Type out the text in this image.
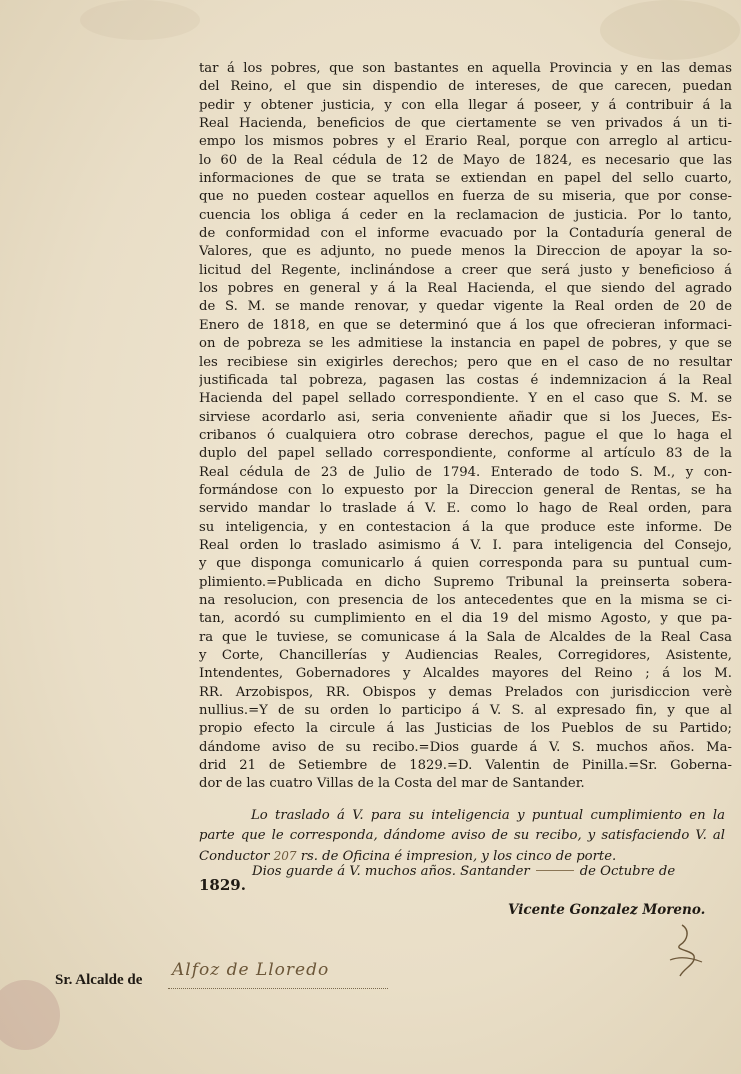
tar á los pobres, que son bastantes en aquella Provincia y en las demas
del Reino, el que sin dispendio de intereses, de que carecen, puedan
pedir y obtener justicia, y con ella llegar á poseer, y á contribuir á la
Real Hacienda, beneficios de que ciertamente se ven privados á un ti-
empo los mismos pobres y el Erario Real, porque con arreglo al articu-
lo 60 de la Real cédula de 12 de Mayo de 1824, es necesario que las
informaciones de que se trata se extiendan en papel del sello cuarto,
que no pueden costear aquellos en fuerza de su miseria, que por conse-
cuencia los obliga á ceder en la reclamacion de justicia. Por lo tanto,
de conformidad con el informe evacuado por la Contaduría general de
Valores, que es adjunto, no puede menos la Direccion de apoyar la so-
licitud del Regente, inclinándose a creer que será justo y beneficioso á
los pobres en general y á la Real Hacienda, el que siendo del agrado
de S. M. se mande renovar, y quedar vigente la Real orden de 20 de
Enero de 1818, en que se determinó que á los que ofrecieran informaci-
on de pobreza se les admitiese la instancia en papel de pobres, y que se
les recibiese sin exigirles derechos; pero que en el caso de no resultar
justificada tal pobreza, pagasen las costas é indemnizacion á la Real
Hacienda del papel sellado correspondiente. Y en el caso que S. M. se
sirviese acordarlo asi, seria conveniente añadir que si los Jueces, Es-
cribanos ó cualquiera otro cobrase derechos, pague el que lo haga el
duplo del papel sellado correspondiente, conforme al artículo 83 de la
Real cédula de 23 de Julio de 1794. Enterado de todo S. M., y con-
formándose con lo expuesto por la Direccion general de Rentas, se ha
servido mandar lo traslade á V. E. como lo hago de Real orden, para
su inteligencia, y en contestacion á la que produce este informe. De
Real orden lo traslado asimismo á V. I. para inteligencia del Consejo,
y que disponga comunicarlo á quien corresponda para su puntual cum-
plimiento.=Publicada en dicho Supremo Tribunal la preinserta sobera-
na resolucion, con presencia de los antecedentes que en la misma se ci-
tan, acordó su cumplimiento en el dia 19 del mismo Agosto, y que pa-
ra que le tuviese, se comunicase á la Sala de Alcaldes de la Real Casa
y Corte, Chancillerías y Audiencias Reales, Corregidores, Asistente,
Intendentes, Gobernadores y Alcaldes mayores del Reino ; á los M.
RR. Arzobispos, RR. Obispos y demas Prelados con jurisdiccion verè
nullius.=Y de su orden lo participo á V. S. al expresado fin, y que al
propio efecto la circule á las Justicias de los Pueblos de su Partido;
dándome aviso de su recibo.=Dios guarde á V. S. muchos años. Ma-
drid 21 de Setiembre de 1829.=D. Valentin de Pinilla.=Sr. Goberna-
dor de las cuatro Villas de la Costa del mar de Santander.
Lo traslado á V. para su inteligencia y puntual cumplimiento en la parte que le corresponda, dándome aviso de su recibo, y satisfaciendo V. al Conductor 207 rs. de Oficina é impresion, y los cinco de porte.
Dios guarde á V. muchos años. Santander	de Octubre de
1829.
Vicente Gonzalez Moreno.
Sr. Alcalde de Alfoz de Lloredo
